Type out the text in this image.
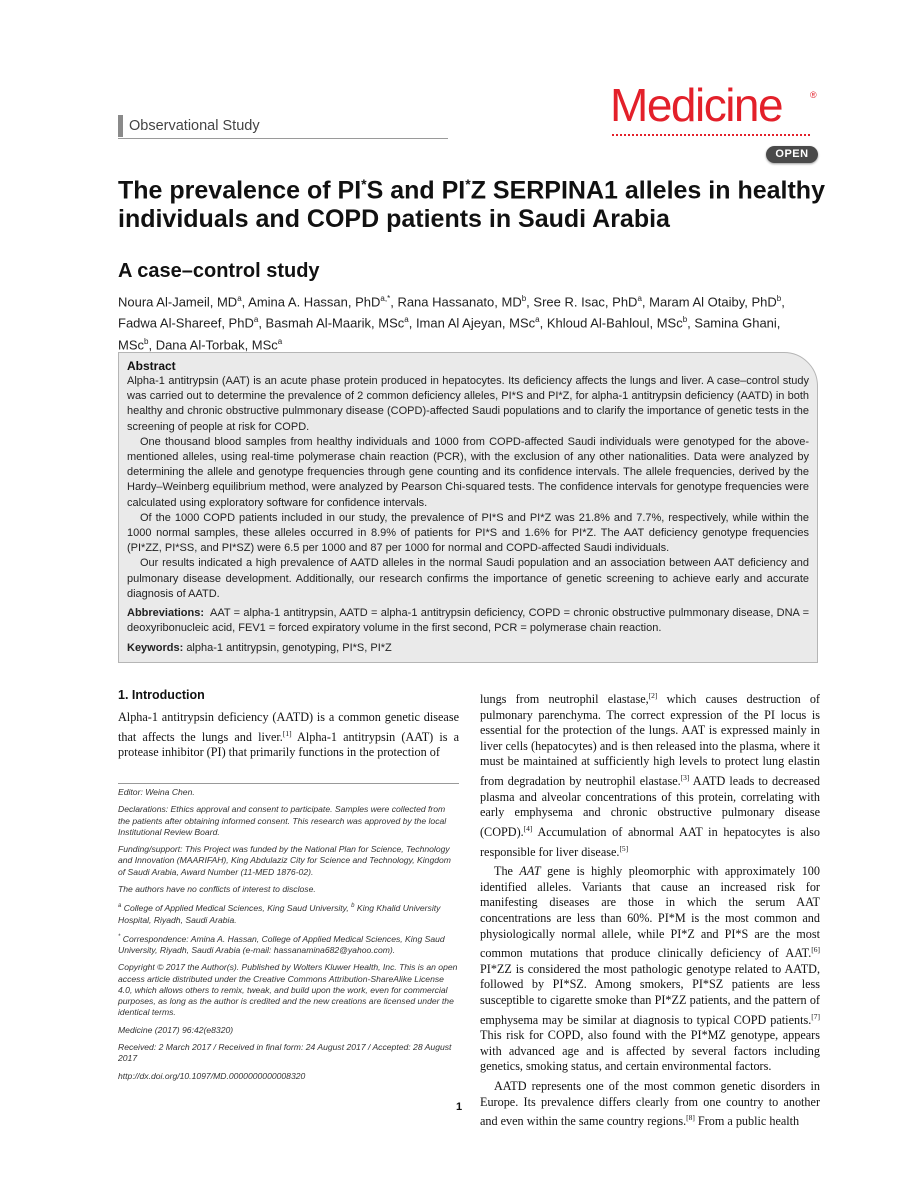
Observational Study	Medicine	®
OPEN
The prevalence of PI*S and PI*Z SERPINA1 alleles in healthy individuals and COPD patients in Saudi Arabia
A case–control study
Noura Al-Jameil, $MD^a$, Amina A. Hassan, PhD$^{a,*}$, Rana Hassanato, $MD^b$, Sree R. Isac, PhD$^a$, Maram Al Otaiby, PhD$^b$, Fadwa Al-Shareef, PhD$^a$, Basmah Al-Maarik, MSc$^a$, Iman Al Ajeyan, MSc$^a$, Khloud Al-Bahloul, MSc$^b$, Samina Ghani, MSc$^b$, Dana Al-Torbak, MSc$^a$
Abstract

Alpha-1 antitrypsin (AAT) is an acute phase protein produced in hepatocytes. Its deficiency affects the lungs and liver. A case–control study was carried out to determine the prevalence of 2 common deficiency alleles, PI*S and PI*Z, for alpha-1 antitrypsin deficiency (AATD) in both healthy and chronic obstructive pulmmonary disease (COPD)-affected Saudi populations and to clarify the importance of genetic tests in the screening of people at risk for COPD.

One thousand blood samples from healthy individuals and 1000 from COPD-affected Saudi individuals were genotyped for the above-mentioned alleles, using real-time polymerase chain reaction (PCR), with the exclusion of any other nationalities. Data were analyzed by determining the allele and genotype frequencies through gene counting and its confidence intervals. The allele frequencies, derived by the Hardy–Weinberg equilibrium method, were analyzed by Pearson Chi-squared tests. The confidence intervals for genotype frequencies were calculated using exploratory software for confidence intervals.

Of the 1000 COPD patients included in our study, the prevalence of PI*S and PI*Z was 21.8% and 7.7%, respectively, while within the 1000 normal samples, these alleles occurred in 8.9% of patients for PI*S and 1.6% for PI*Z. The AAT deficiency genotype frequencies (PI*ZZ, PI*SS, and PI*SZ) were 6.5 per 1000 and 87 per 1000 for normal and COPD-affected Saudi individuals.

Our results indicated a high prevalence of AATD alleles in the normal Saudi population and an association between AAT deficiency and pulmonary disease development. Additionally, our research confirms the importance of genetic screening to achieve early and accurate diagnosis of AATD.

Abbreviations: AAT = alpha-1 antitrypsin, AATD = alpha-1 antitrypsin deficiency, COPD = chronic obstructive pulmmonary disease, DNA = deoxyribonucleic acid, FEV1 = forced expiratory volume in the first second, PCR = polymerase chain reaction.

Keywords: alpha-1 antitrypsin, genotyping, PI*S, PI*Z

1. Introduction

Alpha-1 antitrypsin deficiency (AATD) is a common genetic disease that affects the lungs and liver.[1] Alpha-1 antitrypsin (AAT) is a protease inhibitor (PI) that primarily functions in the protection of

Editor: Weina Chen.

Declarations: Ethics approval and consent to participate. Samples were collected from the patients after obtaining informed consent. This research was approved by the local Institutional Review Board.

Funding/support: This Project was funded by the National Plan for Science, Technology and Innovation (MAARIFAH), King Abdulaziz City for Science and Technology, Kingdom of Saudi Arabia, Award Number (11-MED 1876-02).

The authors have no conflicts of interest to disclose.

$^a$ College of Applied Medical Sciences, King Saud University, $^b$ King Khalid University Hospital, Riyadh, Saudi Arabia.

* Correspondence: Amina A. Hassan, College of Applied Medical Sciences, King Saud University, Riyadh, Saudi Arabia (e-mail: hassanamina682@yahoo.com).

Copyright © 2017 the Author(s). Published by Wolters Kluwer Health, Inc. This is an open access article distributed under the Creative Commons Attribution-ShareAlike License 4.0, which allows others to remix, tweak, and build upon the work, even for commercial purposes, as long as the author is credited and the new creations are licensed under the identical terms.

Medicine (2017) 96:42(e8320)

Received: 2 March 2017 / Received in final form: 24 August 2017 / Accepted: 28 August 2017

http://dx.doi.org/10.1097/MD.0000000000008320

lungs from neutrophil elastase,[2] which causes destruction of pulmonary parenchyma. The correct expression of the PI locus is essential for the protection of the lungs. AAT is expressed mainly in liver cells (hepatocytes) and is then released into the plasma, where it must be maintained at sufficiently high levels to protect lung elastin from degradation by neutrophil elastase.[3] AATD leads to decreased plasma and alveolar concentrations of this protein, correlating with early emphysema and chronic obstructive pulmonary disease (COPD).[4] Accumulation of abnormal AAT in hepatocytes is also responsible for liver disease.[5]

The AAT gene is highly pleomorphic with approximately 100 identified alleles. Variants that cause an increased risk for manifesting diseases are those in which the serum AAT concentrations are less than 60%. PI*M is the most common and physiologically normal allele, while PI*Z and PI*S are the most common mutations that produce clinically deficiency of AAT.[6] PI*ZZ is considered the most pathologic genotype related to AATD, followed by PI*SZ. Among smokers, PI*SZ patients are less susceptible to cigarette smoke than PI*ZZ patients, and the pattern of emphysema may be similar at diagnosis to typical COPD patients.[7] This risk for COPD, also found with the PI*MZ genotype, appears with advanced age and is affected by several factors including genetics, smoking status, and certain environmental factors.

AATD represents one of the most common genetic disorders in Europe. Its prevalence differs clearly from one country to another and even within the same country regions.[8] From a public health

1
